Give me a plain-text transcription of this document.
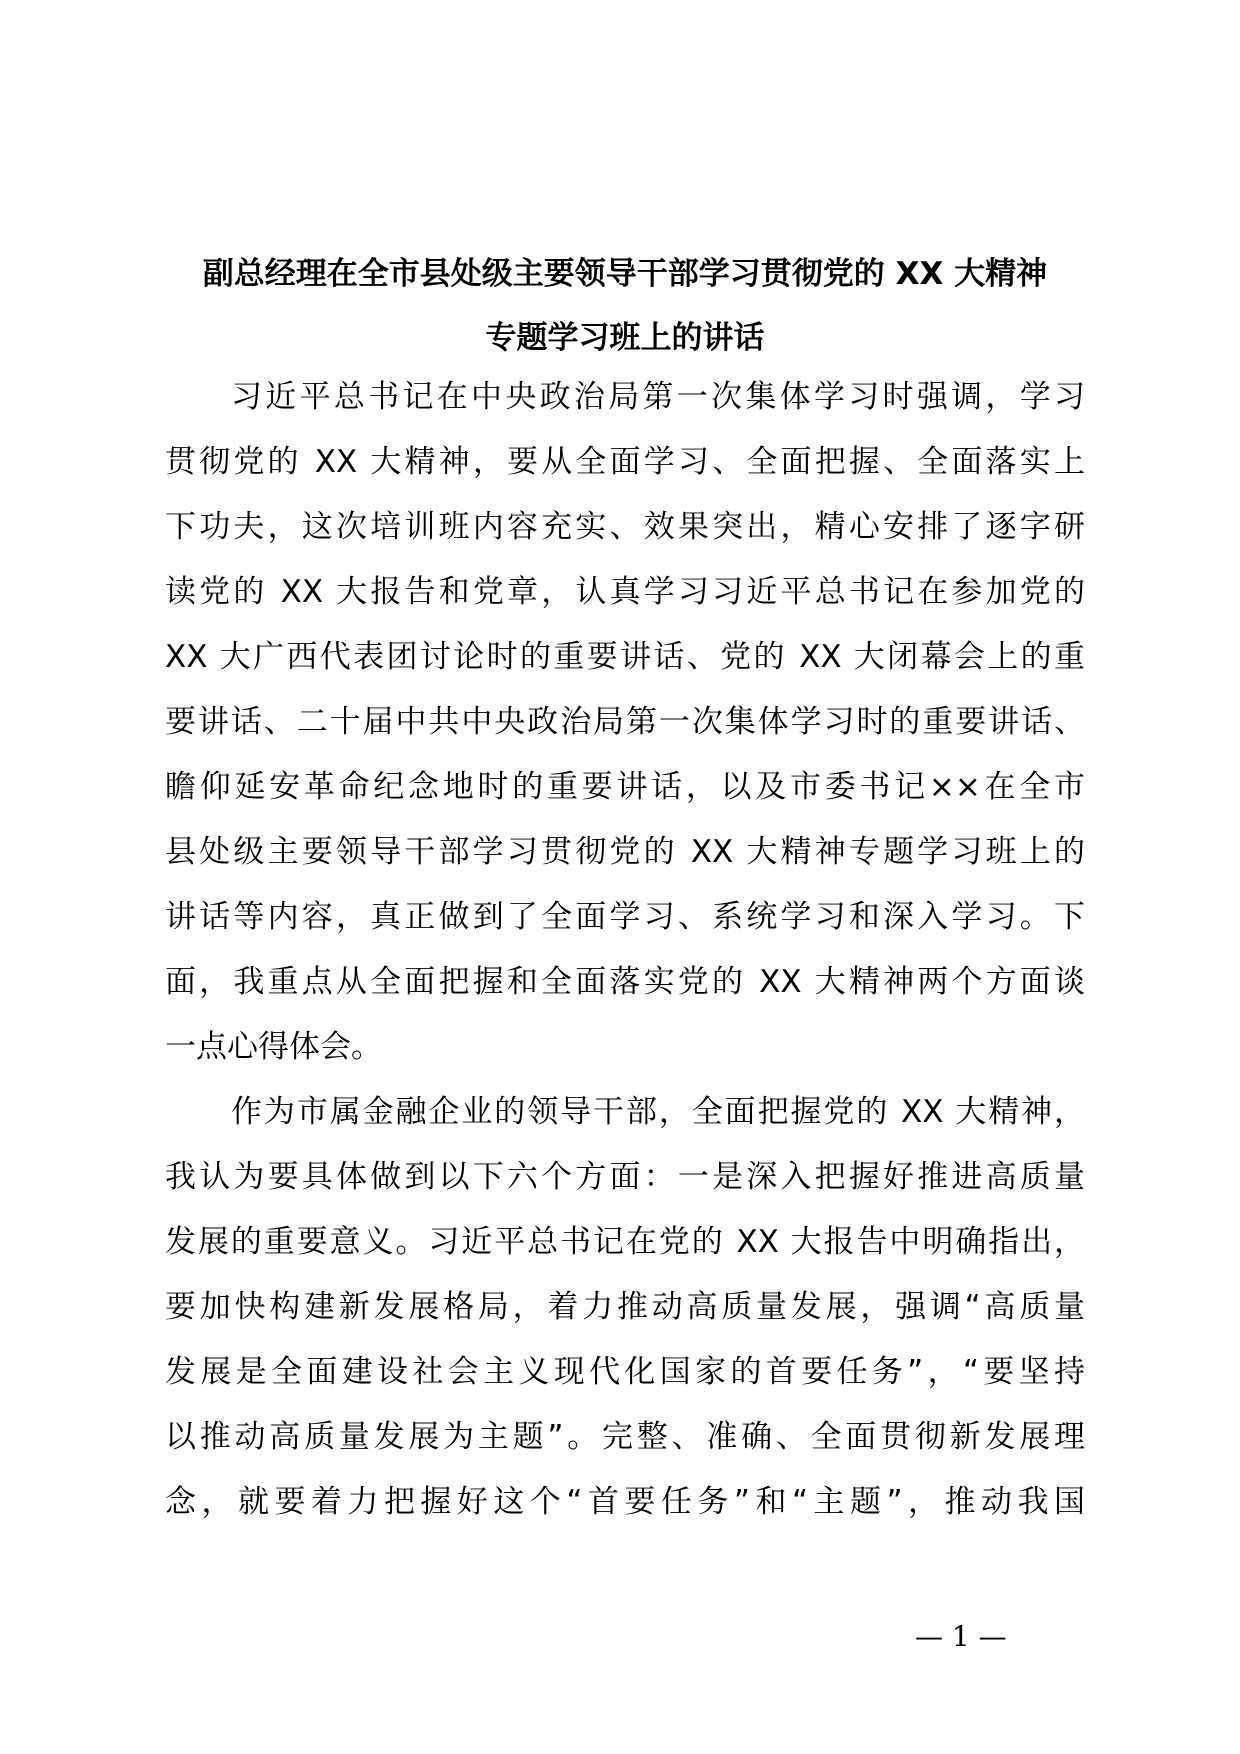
副总经理在全市县处级主要领导干部学习贯彻党的 XX 大精神
专题学习班上的讲话
习近平总书记在中央政治局第一次集体学习时强调，学习
贯彻党的 XX 大精神，要从全面学习、全面把握、全面落实上
下功夫，这次培训班内容充实、效果突出，精心安排了逐字研
读党的 XX 大报告和党章，认真学习习近平总书记在参加党的
XX 大广西代表团讨论时的重要讲话、党的 XX 大闭幕会上的重
要讲话、二十届中共中央政治局第一次集体学习时的重要讲话、
瞻仰延安革命纪念地时的重要讲话，以及市委书记××在全市
县处级主要领导干部学习贯彻党的 XX 大精神专题学习班上的
讲话等内容，真正做到了全面学习、系统学习和深入学习。下
面，我重点从全面把握和全面落实党的 XX 大精神两个方面谈
一点心得体会。
作为市属金融企业的领导干部，全面把握党的 XX 大精神，
我认为要具体做到以下六个方面：一是深入把握好推进高质量
发展的重要意义。习近平总书记在党的 XX 大报告中明确指出，
要加快构建新发展格局，着力推动高质量发展，强调“高质量
发展是全面建设社会主义现代化国家的首要任务”，“要坚持
以推动高质量发展为主题”。完整、准确、全面贯彻新发展理
念，就要着力把握好这个“首要任务”和“主题”，推动我国
— 1 —
